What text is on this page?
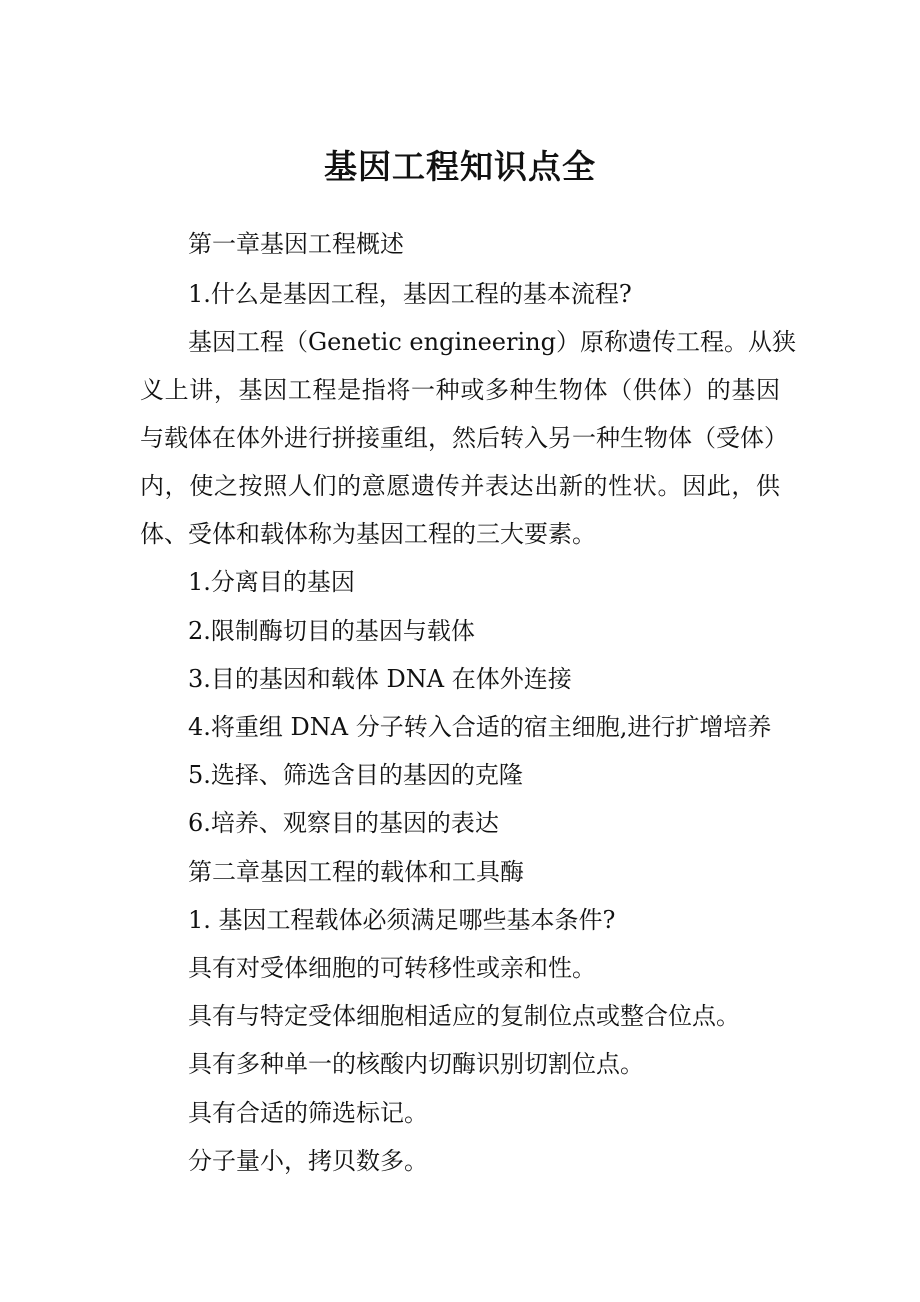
基因工程知识点全
第一章基因工程概述
1.什么是基因工程，基因工程的基本流程?
基因工程（Genetic engineering）原称遗传工程。从狭
义上讲，基因工程是指将一种或多种生物体（供体）的基因
与载体在体外进行拼接重组，然后转入另一种生物体（受体）
内，使之按照人们的意愿遗传并表达出新的性状。因此，供
体、受体和载体称为基因工程的三大要素。
1.分离目的基因
2.限制酶切目的基因与载体
3.目的基因和载体 DNA 在体外连接
4.将重组 DNA 分子转入合适的宿主细胞,进行扩增培养
5.选择、筛选含目的基因的克隆
6.培养、观察目的基因的表达
第二章基因工程的载体和工具酶
1. 基因工程载体必须满足哪些基本条件?
具有对受体细胞的可转移性或亲和性。
具有与特定受体细胞相适应的复制位点或整合位点。
具有多种单一的核酸内切酶识别切割位点。
具有合适的筛选标记。
分子量小，拷贝数多。
